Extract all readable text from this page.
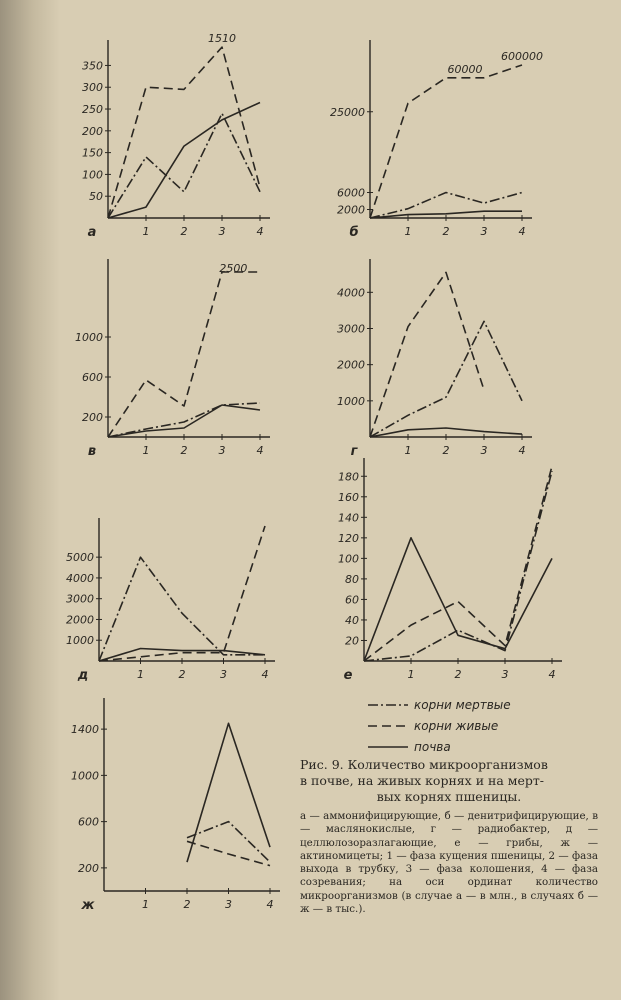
50
100
150
200
250
300
350
1	2	3	4
а
1510
2000
6000
25000
1	2	3	4
б
60000
600000
200
600
1000
1	2	3	4
в
2500
1000
2000
3000
4000
1	2	3	4
г
1000
2000
3000
4000
5000
1	2	3	4
д
20
40
60
80
100
120
140
160
180
1	2	3	4
е
200
600
1000
1400
1	2	3	4
ж
корни мертвые
корни живые
почва
Рис. 9. Количество микроорганизмов
в почве, на живых корнях и на мерт-

вых корнях пшеницы.
а — аммонифицирующие, б — денитрифицирующие, в — маслянокислые, г — радиобактер, д — целлюлозоразлагающие, е — грибы, ж — актиномицеты; 1 — фаза кущения пшеницы, 2 — фаза выхода в трубку, 3 — фаза колошения, 4 — фаза созревания; на оси ординат количество микроорганизмов (в случае а — в млн., в случаях б — ж — в тыс.).
